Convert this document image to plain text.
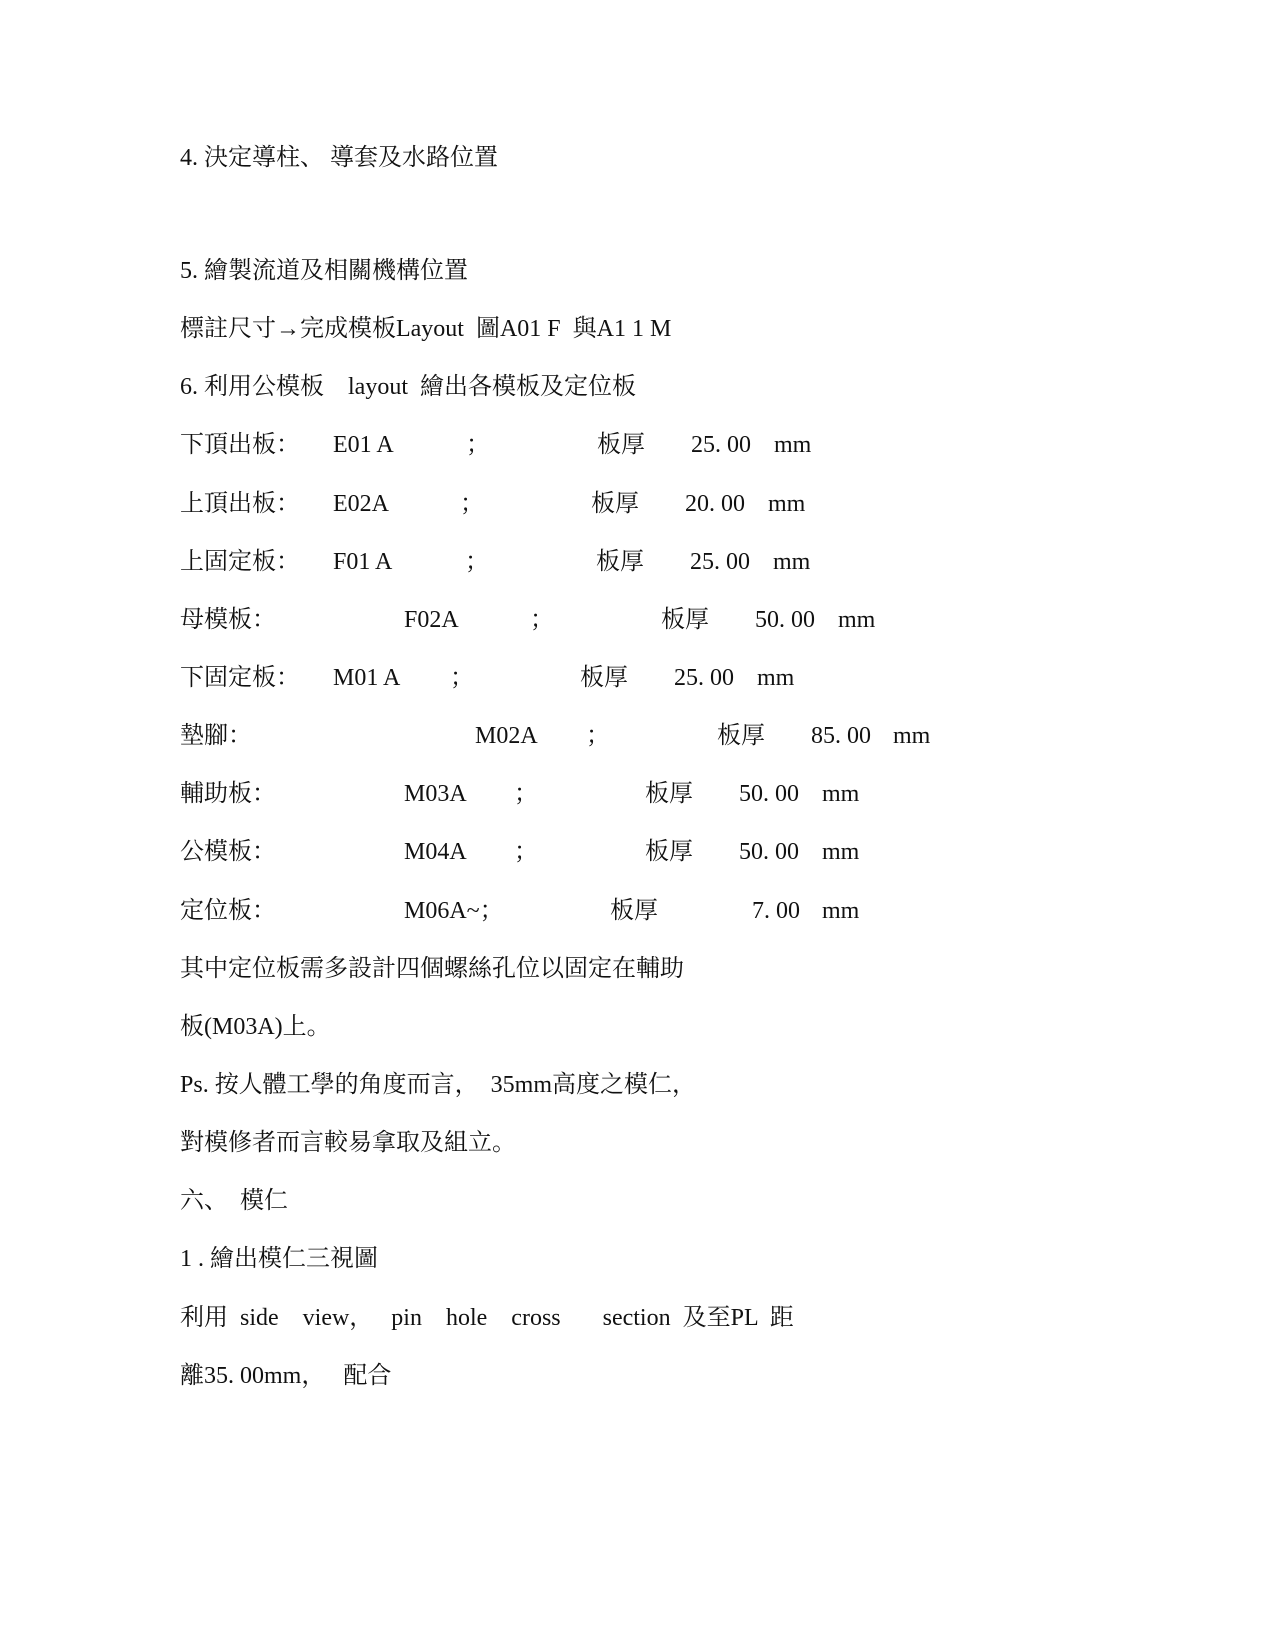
4. 決定導柱、 導套及水路位置
5. 繪製流道及相關機構位置
標註尺寸→完成模板Layout  圖A01 F  與A1 1 M
6. 利用公模板    layout  繪出各模板及定位板
下頂出板： E01 A	；	板厚 25. 00 mm
上頂出板： E02A	；	板厚 20. 00 mm
上固定板： F01 A	；	板厚 25. 00 mm
母模板：	F02A	；	板厚 50. 00 mm
下固定板： M01 A ；	板厚 25. 00 mm
墊腳：	M02A ；	板厚 85. 00 mm
輔助板：	M03A ；	板厚 50. 00 mm
公模板：	M04A ；	板厚 50. 00 mm
定位板：	M06A~；	板厚	7. 00 mm
其中定位板需多設計四個螺絲孔位以固定在輔助
板(M03A)上。
Ps. 按人體工學的角度而言，  35mm高度之模仁，
對模修者而言較易拿取及組立。
六、  模仁
1 . 繪出模仁三視圖
利用  side    view，   pin    hole    cross       section  及至PL  距
離35. 00mm，   配合
